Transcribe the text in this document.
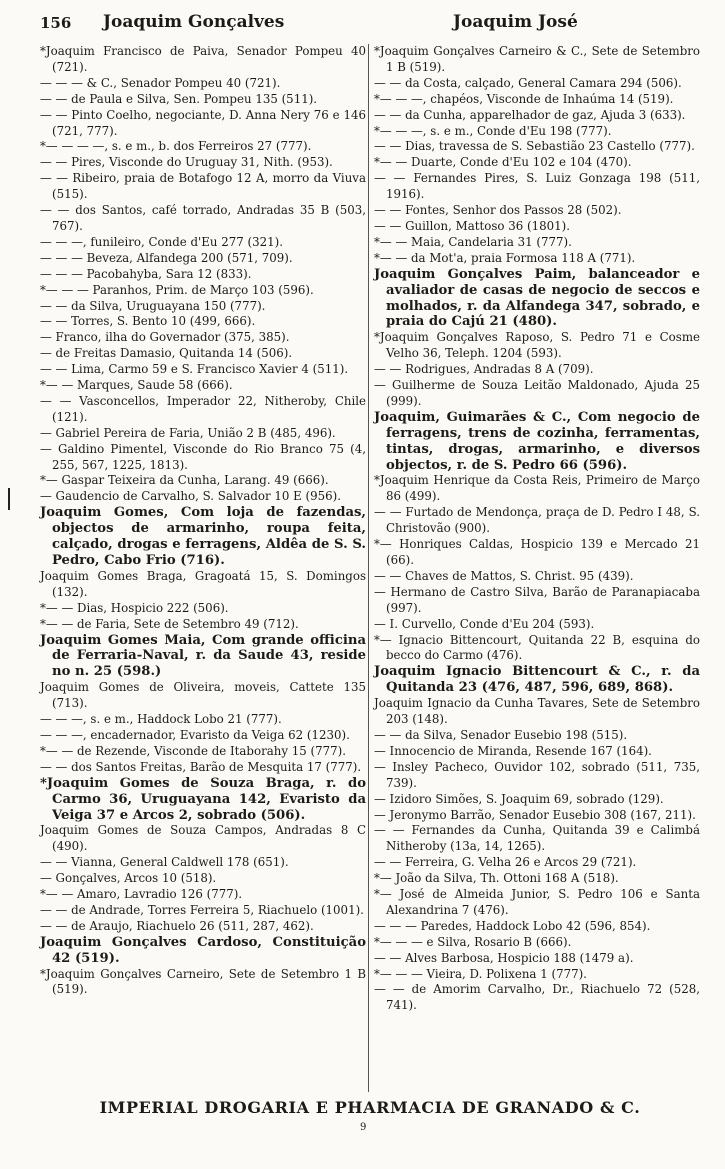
156 Joaquim Gonçalves	Joaquim José
*Joaquim Francisco de Paiva, Senador Pompeu 40 (721).
— — — & C., Senador Pompeu 40 (721).
— — de Paula e Silva, Sen. Pompeu 135 (511).
— — Pinto Coelho, negociante, D. Anna Nery 76 e 146 (721, 777).
*— — — —, s. e m., b. dos Ferreiros 27 (777).
— — Pires, Visconde do Uruguay 31, Nith. (953).
— — Ribeiro, praia de Botafogo 12 A, morro da Viuva (515).
— — dos Santos, café torrado, Andradas 35 B (503, 767).
— — —, funileiro, Conde d'Eu 277 (321).
— — — Beveza, Alfandega 200 (571, 709).
— — — Pacobahyba, Sara 12 (833).
*— — — Paranhos, Prim. de Março 103 (596).
— — da Silva, Uruguayana 150 (777).
— — Torres, S. Bento 10 (499, 666).
— Franco, ilha do Governador (375, 385).
— de Freitas Damasio, Quitanda 14 (506).
— — Lima, Carmo 59 e S. Francisco Xavier 4 (511).
*— — Marques, Saude 58 (666).
— — Vasconcellos, Imperador 22, Nitheroby, Chile (121).
— Gabriel Pereira de Faria, União 2 B (485, 496).
— Galdino Pimentel, Visconde do Rio Branco 75 (4, 255, 567, 1225, 1813).
*— Gaspar Teixeira da Cunha, Larang. 49 (666).
— Gaudencio de Carvalho, S. Salvador 10 E (956).
Joaquim Gomes, Com loja de fazendas, objectos de armarinho, roupa feita, calçado, drogas e ferragens, Aldêa de S. S. Pedro, Cabo Frio (716).
Joaquim Gomes Braga, Gragoatá 15, S. Domingos (132).
*— — Dias, Hospicio 222 (506).
*— — de Faria, Sete de Setembro 49 (712).
Joaquim Gomes Maia, Com grande officina de Ferraria-Naval, r. da Saude 43, reside no n. 25 (598.)
Joaquim Gomes de Oliveira, moveis, Cattete 135 (713).
— — —, s. e m., Haddock Lobo 21 (777).
— — —, encadernador, Evaristo da Veiga 62 (1230).
*— — de Rezende, Visconde de Itaborahy 15 (777).
— — dos Santos Freitas, Barão de Mesquita 17 (777).
*Joaquim Gomes de Souza Braga, r. do Carmo 36, Uruguayana 142, Evaristo da Veiga 37 e Arcos 2, sobrado (506).
Joaquim Gomes de Souza Campos, Andradas 8 C (490).
— — Vianna, General Caldwell 178 (651).
— Gonçalves, Arcos 10 (518).
*— — Amaro, Lavradio 126 (777).
— — de Andrade, Torres Ferreira 5, Riachuelo (1001).
— — de Araujo, Riachuelo 26 (511, 287, 462).
Joaquim Gonçalves Cardoso, Constituição 42 (519).
*Joaquim Gonçalves Carneiro, Sete de Setembro 1 B (519).
*Joaquim Gonçalves Carneiro & C., Sete de Setembro 1 B (519).
— — da Costa, calçado, General Camara 294 (506).
*— — —, chapéos, Visconde de Inhaúma 14 (519).
— — da Cunha, apparelhador de gaz, Ajuda 3 (633).
*— — —, s. e m., Conde d'Eu 198 (777).
— — Dias, travessa de S. Sebastião 23 Castello (777).
*— — Duarte, Conde d'Eu 102 e 104 (470).
— — Fernandes Pires, S. Luiz Gonzaga 198 (511, 1916).
— — Fontes, Senhor dos Passos 28 (502).
— — Guillon, Mattoso 36 (1801).
*— — Maia, Candelaria 31 (777).
*— — da Mot'a, praia Formosa 118 A (771).
Joaquim Gonçalves Paim, balanceador e avaliador de casas de negocio de seccos e molhados, r. da Alfandega 347, sobrado, e praia do Cajú 21 (480).
*Joaquim Gonçalves Raposo, S. Pedro 71 e Cosme Velho 36, Teleph. 1204 (593).
— — Rodrigues, Andradas 8 A (709).
— Guilherme de Souza Leitão Maldonado, Ajuda 25 (999).
Joaquim, Guimarães & C., Com negocio de ferragens, trens de cozinha, ferramentas, tintas, drogas, armarinho, e diversos objectos, r. de S. Pedro 66 (596).
*Joaquim Henrique da Costa Reis, Primeiro de Março 86 (499).
— — Furtado de Mendonça, praça de D. Pedro I 48, S. Christovão (900).
*— Honriques Caldas, Hospicio 139 e Mercado 21 (66).
— — Chaves de Mattos, S. Christ. 95 (439).
— Hermano de Castro Silva, Barão de Paranapiacaba (997).
— I. Curvello, Conde d'Eu 204 (593).
*— Ignacio Bittencourt, Quitanda 22 B, esquina do becco do Carmo (476).
Joaquim Ignacio Bittencourt & C., r. da Quitanda 23 (476, 487, 596, 689, 868).
Joaquim Ignacio da Cunha Tavares, Sete de Setembro 203 (148).
— — da Silva, Senador Eusebio 198 (515).
— Innocencio de Miranda, Resende 167 (164).
— Insley Pacheco, Ouvidor 102, sobrado (511, 735, 739).
— Izidoro Simões, S. Joaquim 69, sobrado (129).
— Jeronymo Barrão, Senador Eusebio 308 (167, 211).
— — Fernandes da Cunha, Quitanda 39 e Calimbá Nitheroby (13a, 14, 1265).
— — Ferreira, G. Velha 26 e Arcos 29 (721).
*— João da Silva, Th. Ottoni 168 A (518).
*— José de Almeida Junior, S. Pedro 106 e Santa Alexandrina 7 (476).
— — — Paredes, Haddock Lobo 42 (596, 854).
*— — — e Silva, Rosario B (666).
— — Alves Barbosa, Hospicio 188 (1479 a).
*— — — Vieira, D. Polixena 1 (777).
— — de Amorim Carvalho, Dr., Riachuelo 72 (528, 741).
IMPERIAL DROGARIA E PHARMACIA DE GRANADO & C.
9
